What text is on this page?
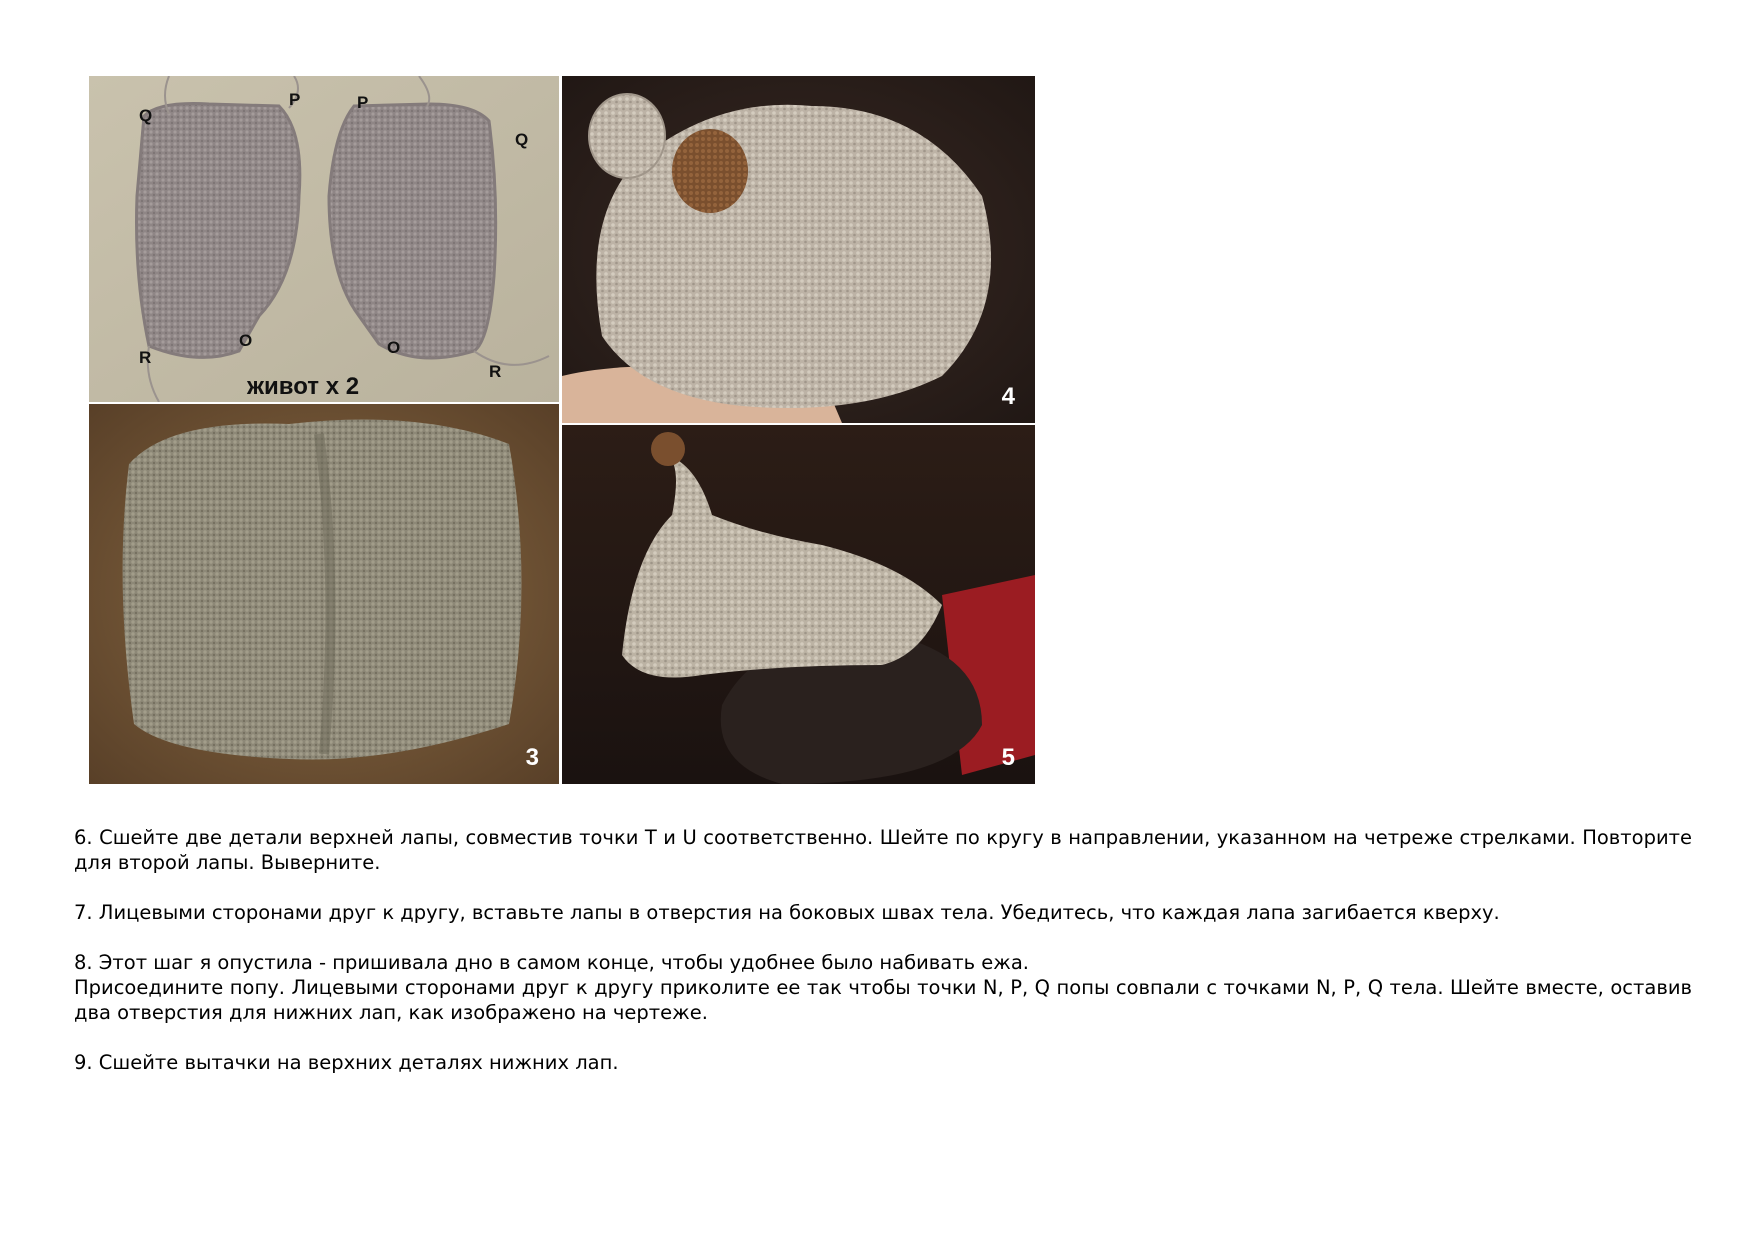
Q
P	P
Q
R
O	O
R
живот x 2	4
3	5

6. Сшейте две детали верхней лапы, совместив точки T и U соответственно. Шейте по кругу в направлении, указанном на четреже стрелками. Повторите для второй лапы. Выверните.

7. Лицевыми сторонами друг к другу, вставьте лапы в отверстия на боковых швах тела. Убедитесь, что каждая лапа загибается кверху.

8. Этот шаг я опустила - пришивала дно в самом конце, чтобы удобнее было набивать ежа.
Присоедините попу. Лицевыми сторонами друг к другу приколите ее так чтобы точки N, P, Q попы совпали с точками N, P, Q тела. Шейте вместе, оставив два отверстия для нижних лап, как изображено на чертеже.

9. Сшейте вытачки на верхних деталях нижних лап.
